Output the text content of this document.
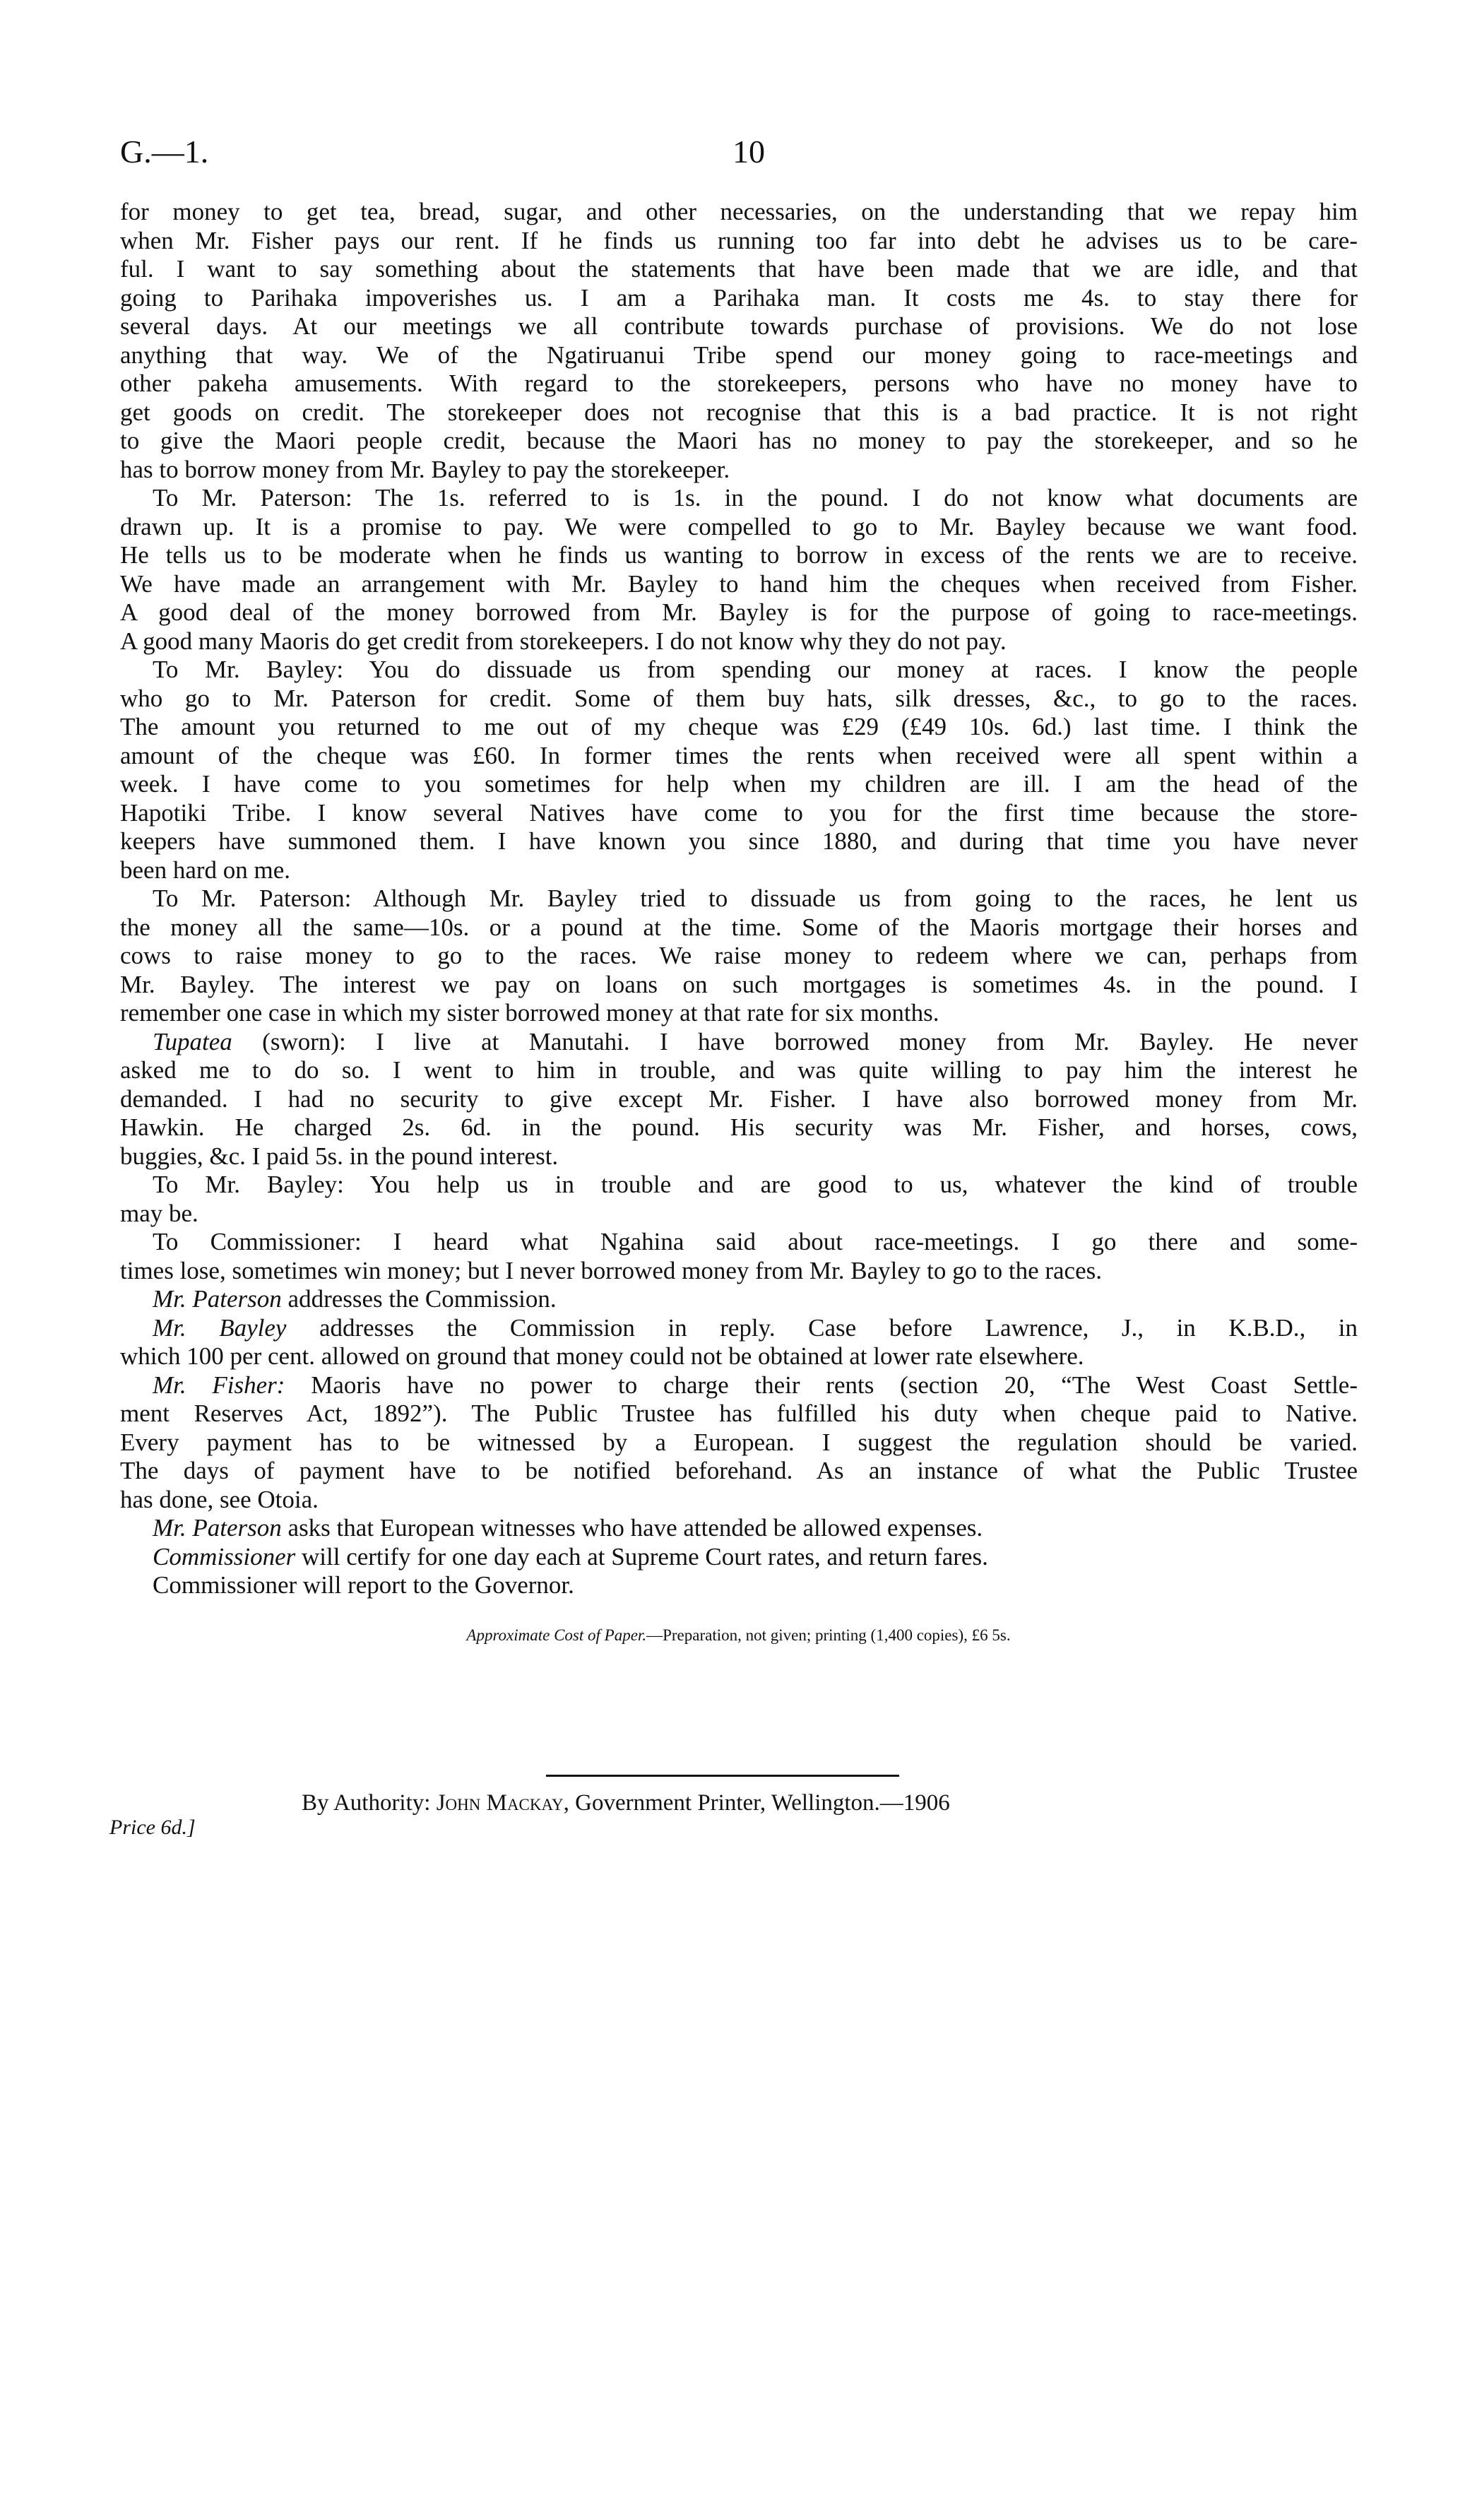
G.—1.	10
for money to get tea, bread, sugar, and other necessaries, on the understanding that we repay him
when Mr. Fisher pays our rent. If he finds us running too far into debt he advises us to be care-
ful. I want to say something about the statements that have been made that we are idle, and that
going to Parihaka impoverishes us. I am a Parihaka man. It costs me 4s. to stay there for
several days. At our meetings we all contribute towards purchase of provisions. We do not lose
anything that way. We of the Ngatiruanui Tribe spend our money going to race-meetings and
other pakeha amusements. With regard to the storekeepers, persons who have no money have to
get goods on credit. The storekeeper does not recognise that this is a bad practice. It is not right
to give the Maori people credit, because the Maori has no money to pay the storekeeper, and so he
has to borrow money from Mr. Bayley to pay the storekeeper.
To Mr. Paterson: The 1s. referred to is 1s. in the pound. I do not know what documents are
drawn up. It is a promise to pay. We were compelled to go to Mr. Bayley because we want food.
He tells us to be moderate when he finds us wanting to borrow in excess of the rents we are to receive.
We have made an arrangement with Mr. Bayley to hand him the cheques when received from Fisher.
A good deal of the money borrowed from Mr. Bayley is for the purpose of going to race-meetings.
A good many Maoris do get credit from storekeepers. I do not know why they do not pay.
To Mr. Bayley: You do dissuade us from spending our money at races. I know the people
who go to Mr. Paterson for credit. Some of them buy hats, silk dresses, &c., to go to the races.
The amount you returned to me out of my cheque was £29 (£49 10s. 6d.) last time. I think the
amount of the cheque was £60. In former times the rents when received were all spent within a
week. I have come to you sometimes for help when my children are ill. I am the head of the
Hapotiki Tribe. I know several Natives have come to you for the first time because the store-
keepers have summoned them. I have known you since 1880, and during that time you have never
been hard on me.
To Mr. Paterson: Although Mr. Bayley tried to dissuade us from going to the races, he lent us
the money all the same—10s. or a pound at the time. Some of the Maoris mortgage their horses and
cows to raise money to go to the races. We raise money to redeem where we can, perhaps from
Mr. Bayley. The interest we pay on loans on such mortgages is sometimes 4s. in the pound. I
remember one case in which my sister borrowed money at that rate for six months.
Tupatea (sworn): I live at Manutahi. I have borrowed money from Mr. Bayley. He never
asked me to do so. I went to him in trouble, and was quite willing to pay him the interest he
demanded. I had no security to give except Mr. Fisher. I have also borrowed money from Mr.
Hawkin. He charged 2s. 6d. in the pound. His security was Mr. Fisher, and horses, cows,
buggies, &c. I paid 5s. in the pound interest.
To Mr. Bayley: You help us in trouble and are good to us, whatever the kind of trouble
may be.
To Commissioner: I heard what Ngahina said about race-meetings. I go there and some-
times lose, sometimes win money; but I never borrowed money from Mr. Bayley to go to the races.
Mr. Paterson addresses the Commission.
Mr. Bayley addresses the Commission in reply. Case before Lawrence, J., in K.B.D., in
which 100 per cent. allowed on ground that money could not be obtained at lower rate elsewhere.
Mr. Fisher: Maoris have no power to charge their rents (section 20, “The West Coast Settle-
ment Reserves Act, 1892”). The Public Trustee has fulfilled his duty when cheque paid to Native.
Every payment has to be witnessed by a European. I suggest the regulation should be varied.
The days of payment have to be notified beforehand. As an instance of what the Public Trustee
has done, see Otoia.
Mr. Paterson asks that European witnesses who have attended be allowed expenses.
Commissioner will certify for one day each at Supreme Court rates, and return fares.
Commissioner will report to the Governor.
Approximate Cost of Paper.—Preparation, not given; printing (1,400 copies), £6 5s.
By Authority: John Mackay, Government Printer, Wellington.—1906
Price 6d.]
